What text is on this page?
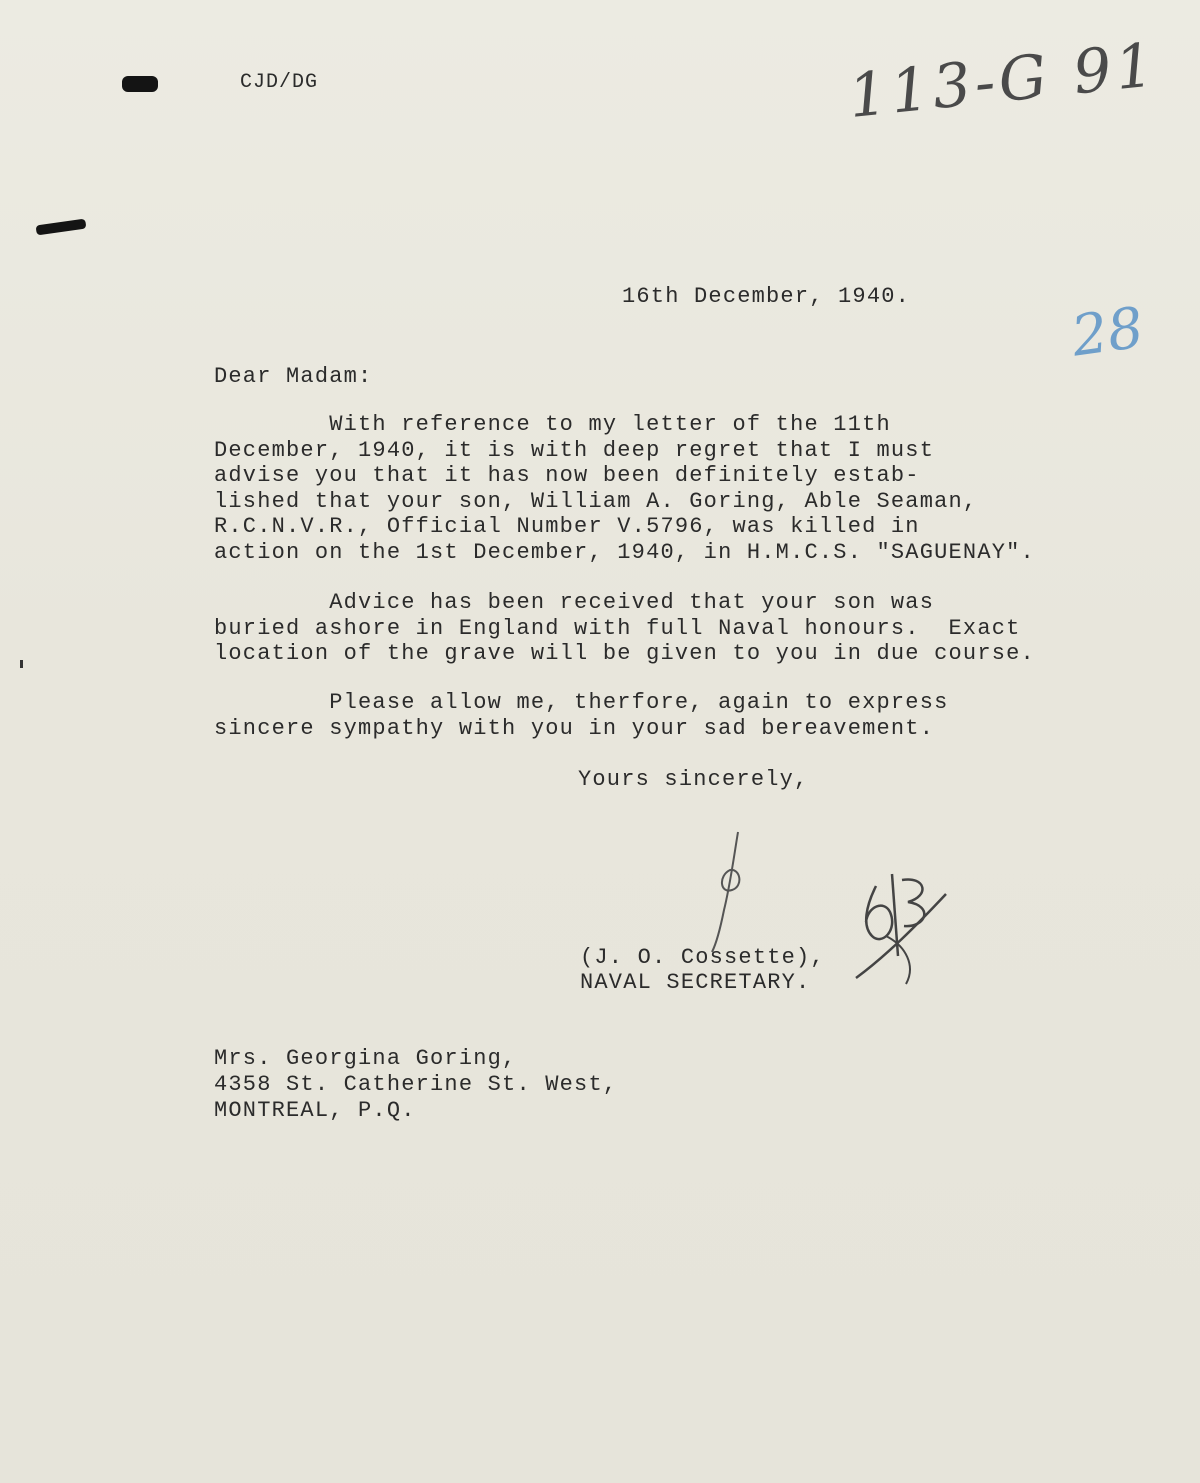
CJD/DG	113-G 91
28
16th December, 1940.
Dear Madam:
With reference to my letter of the 11th
December, 1940, it is with deep regret that I must
advise you that it has now been definitely estab-
lished that your son, William A. Goring, Able Seaman,
R.C.N.V.R., Official Number V.5796, was killed in
action on the 1st December, 1940, in H.M.C.S. "SAGUENAY".
Advice has been received that your son was
buried ashore in England with full Naval honours.  Exact
location of the grave will be given to you in due course.
Please allow me, therfore, again to express
sincere sympathy with you in your sad bereavement.
Yours sincerely,
(J. O. Cossette),
NAVAL SECRETARY.
Mrs. Georgina Goring,
4358 St. Catherine St. West,
MONTREAL, P.Q.
